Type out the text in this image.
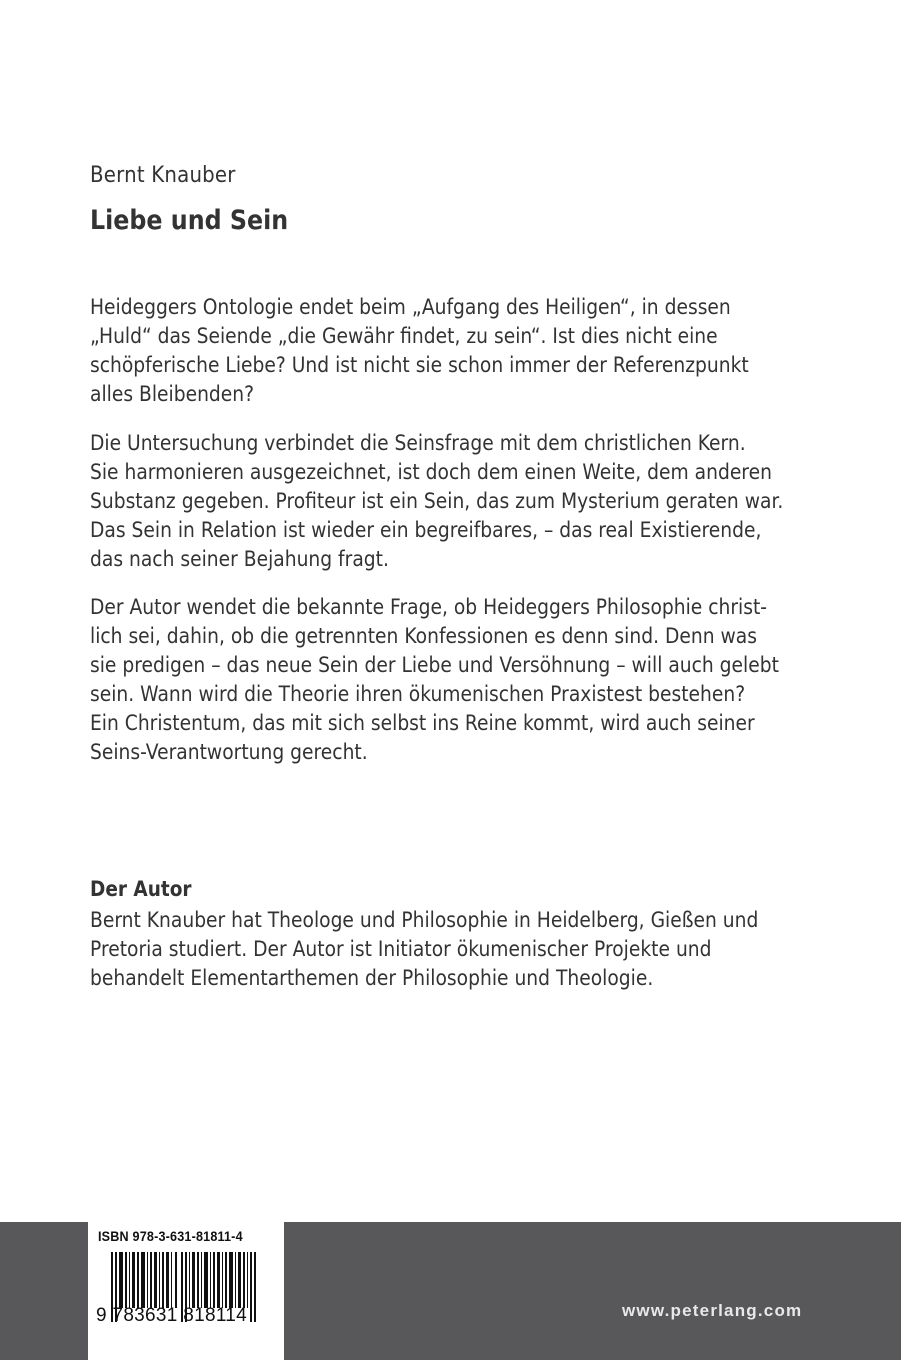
Bernt Knauber
Liebe und Sein
Heideggers Ontologie endet beim „Aufgang des Heiligen“, in dessen
„Huld“ das Seiende „die Gewähr findet, zu sein“. Ist dies nicht eine
schöpferische Liebe? Und ist nicht sie schon immer der Referenzpunkt
alles Bleibenden?
Die Untersuchung verbindet die Seinsfrage mit dem christlichen Kern.
Sie harmonieren ausgezeichnet, ist doch dem einen Weite, dem anderen
Substanz gegeben. Profiteur ist ein Sein, das zum Mysterium geraten war.
Das Sein in Relation ist wieder ein begreifbares, – das real Existierende,
das nach seiner Bejahung fragt.
Der Autor wendet die bekannte Frage, ob Heideggers Philosophie christ-
lich sei, dahin, ob die getrennten Konfessionen es denn sind. Denn was
sie predigen – das neue Sein der Liebe und Versöhnung – will auch gelebt
sein. Wann wird die Theorie ihren ökumenischen Praxistest bestehen?
Ein Christentum, das mit sich selbst ins Reine kommt, wird auch seiner
Seins-Verantwortung gerecht.
Der Autor
Bernt Knauber hat Theologe und Philosophie in Heidelberg, Gießen und
Pretoria studiert. Der Autor ist Initiator ökumenischer Projekte und
behandelt Elementarthemen der Philosophie und Theologie.
ISBN 978-3-631-81811-4
9 783631 818114	www.peterlang.com
